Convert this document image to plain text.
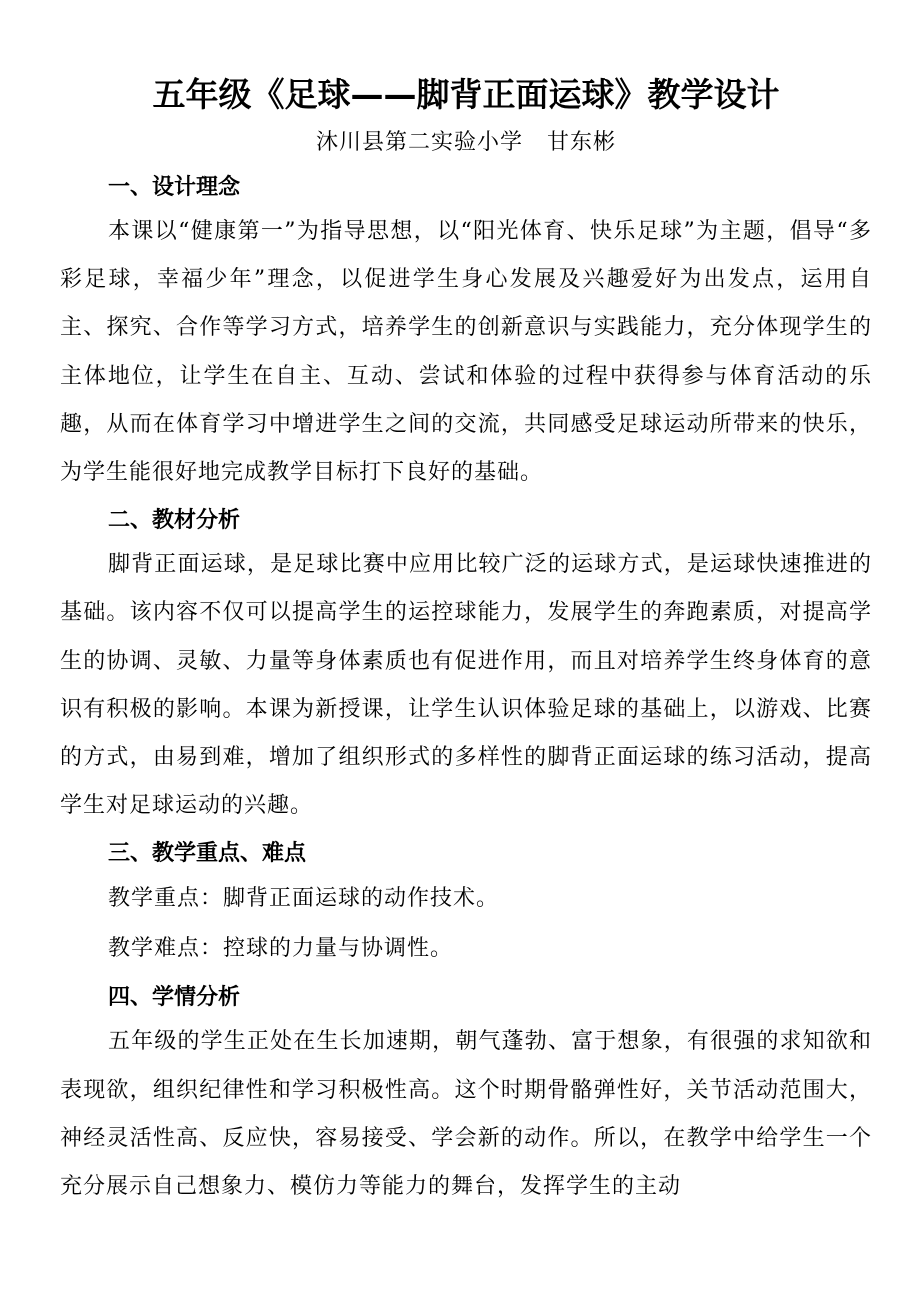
五年级《足球——脚背正面运球》教学设计
沐川县第二实验小学   甘东彬
一、设计理念

本课以“健康第一”为指导思想，以“阳光体育、快乐足球”为主题，倡导“多彩足球，幸福少年”理念，以促进学生身心发展及兴趣爱好为出发点，运用自主、探究、合作等学习方式，培养学生的创新意识与实践能力，充分体现学生的主体地位，让学生在自主、互动、尝试和体验的过程中获得参与体育活动的乐趣，从而在体育学习中增进学生之间的交流，共同感受足球运动所带来的快乐，为学生能很好地完成教学目标打下良好的基础。

二、教材分析

脚背正面运球，是足球比赛中应用比较广泛的运球方式，是运球快速推进的基础。该内容不仅可以提高学生的运控球能力，发展学生的奔跑素质，对提高学生的协调、灵敏、力量等身体素质也有促进作用，而且对培养学生终身体育的意识有积极的影响。本课为新授课，让学生认识体验足球的基础上，以游戏、比赛的方式，由易到难，增加了组织形式的多样性的脚背正面运球的练习活动，提高学生对足球运动的兴趣。

三、教学重点、难点
教学重点：脚背正面运球的动作技术。
教学难点：控球的力量与协调性。
四、学情分析

五年级的学生正处在生长加速期，朝气蓬勃、富于想象，有很强的求知欲和表现欲，组织纪律性和学习积极性高。这个时期骨骼弹性好，关节活动范围大，神经灵活性高、反应快，容易接受、学会新的动作。所以，在教学中给学生一个充分展示自己想象力、模仿力等能力的舞台，发挥学生的主动
